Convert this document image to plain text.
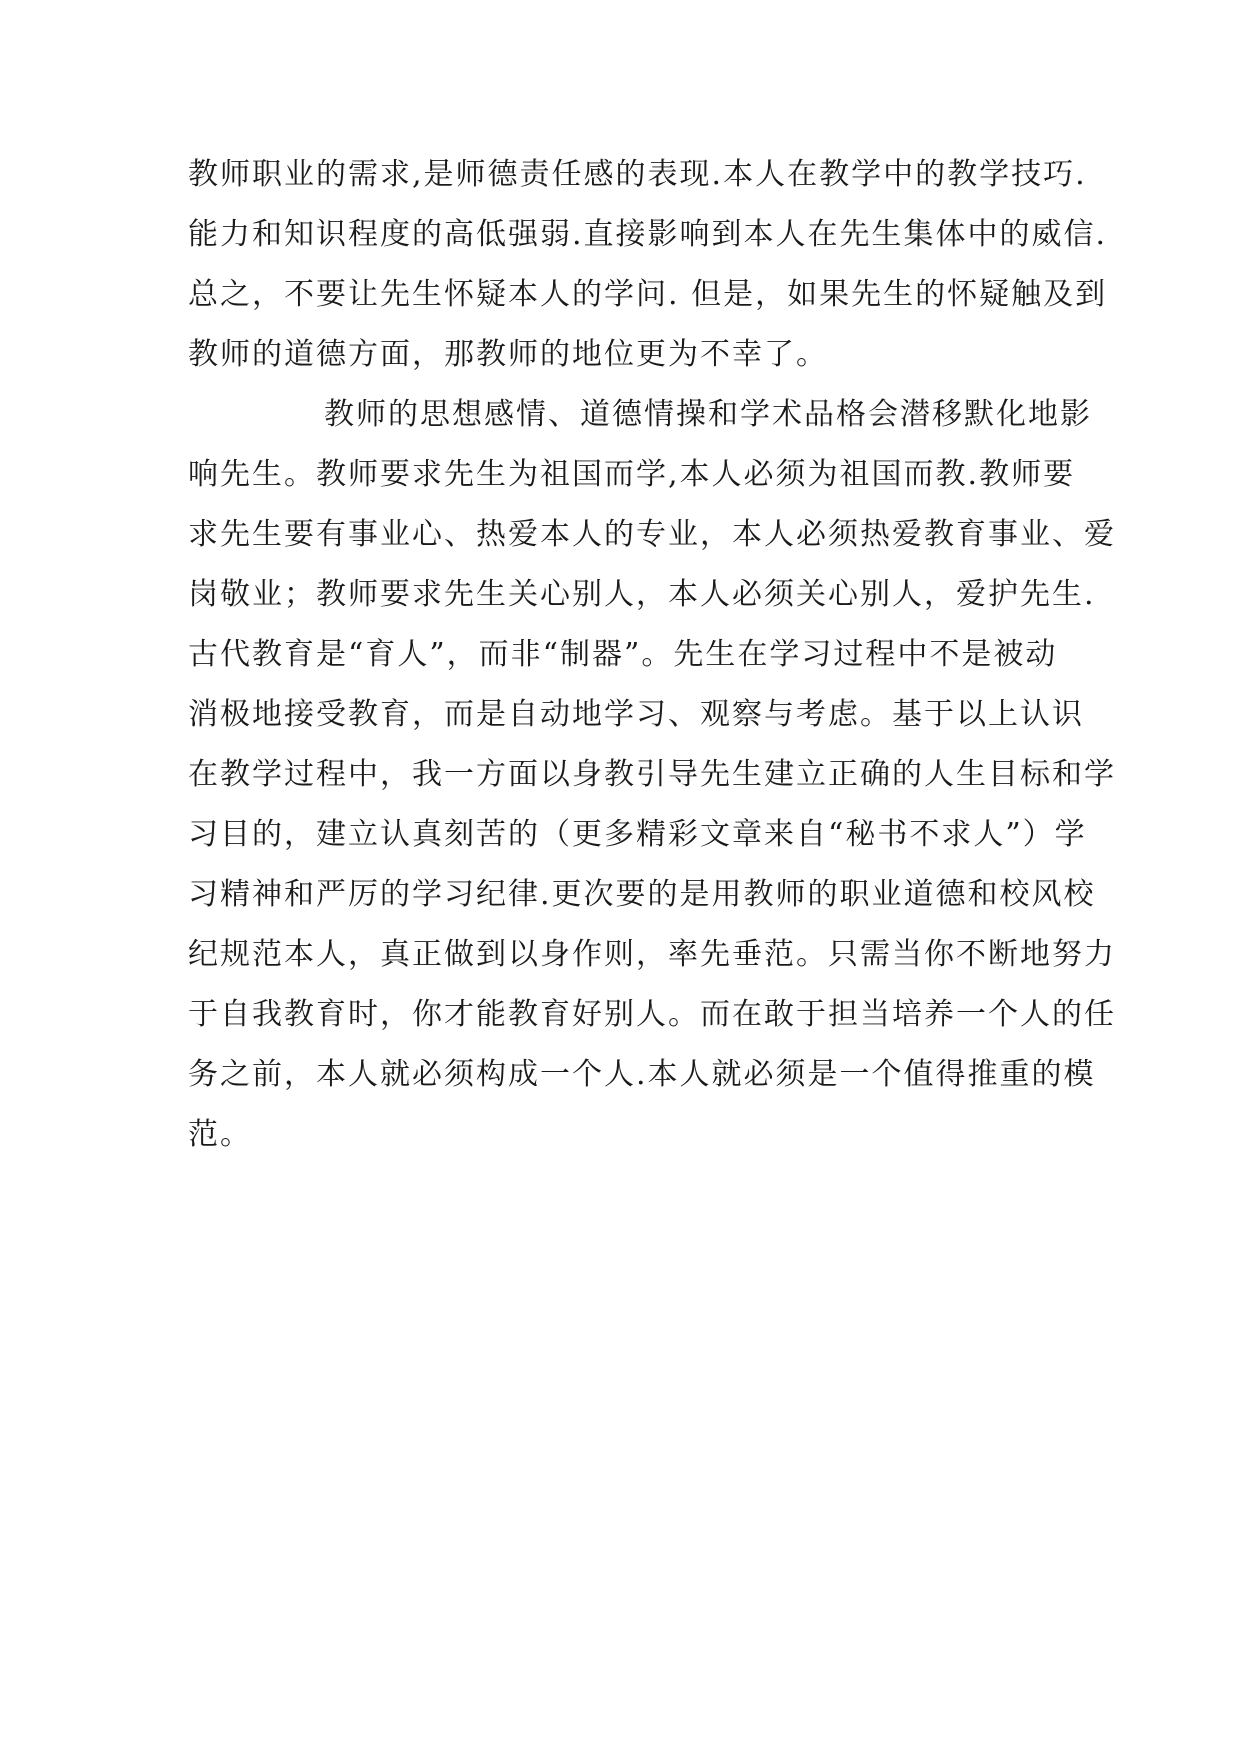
教师职业的需求,是师德责任感的表现.本人在教学中的教学技巧.
能力和知识程度的高低强弱.直接影响到本人在先生集体中的威信.
总之，不要让先生怀疑本人的学问. 但是，如果先生的怀疑触及到
教师的道德方面，那教师的地位更为不幸了。
教师的思想感情、道德情操和学术品格会潜移默化地影
响先生。教师要求先生为祖国而学,本人必须为祖国而教.教师要
求先生要有事业心、热爱本人的专业，本人必须热爱教育事业、爱
岗敬业；教师要求先生关心别人，本人必须关心别人，爱护先生.
古代教育是“育人”，而非“制器”。先生在学习过程中不是被动
消极地接受教育，而是自动地学习、观察与考虑。基于以上认识
在教学过程中，我一方面以身教引导先生建立正确的人生目标和学
习目的，建立认真刻苦的（更多精彩文章来自“秘书不求人”）学
习精神和严厉的学习纪律.更次要的是用教师的职业道德和校风校
纪规范本人，真正做到以身作则，率先垂范。只需当你不断地努力
于自我教育时，你才能教育好别人。而在敢于担当培养一个人的任
务之前，本人就必须构成一个人.本人就必须是一个值得推重的模
范。
